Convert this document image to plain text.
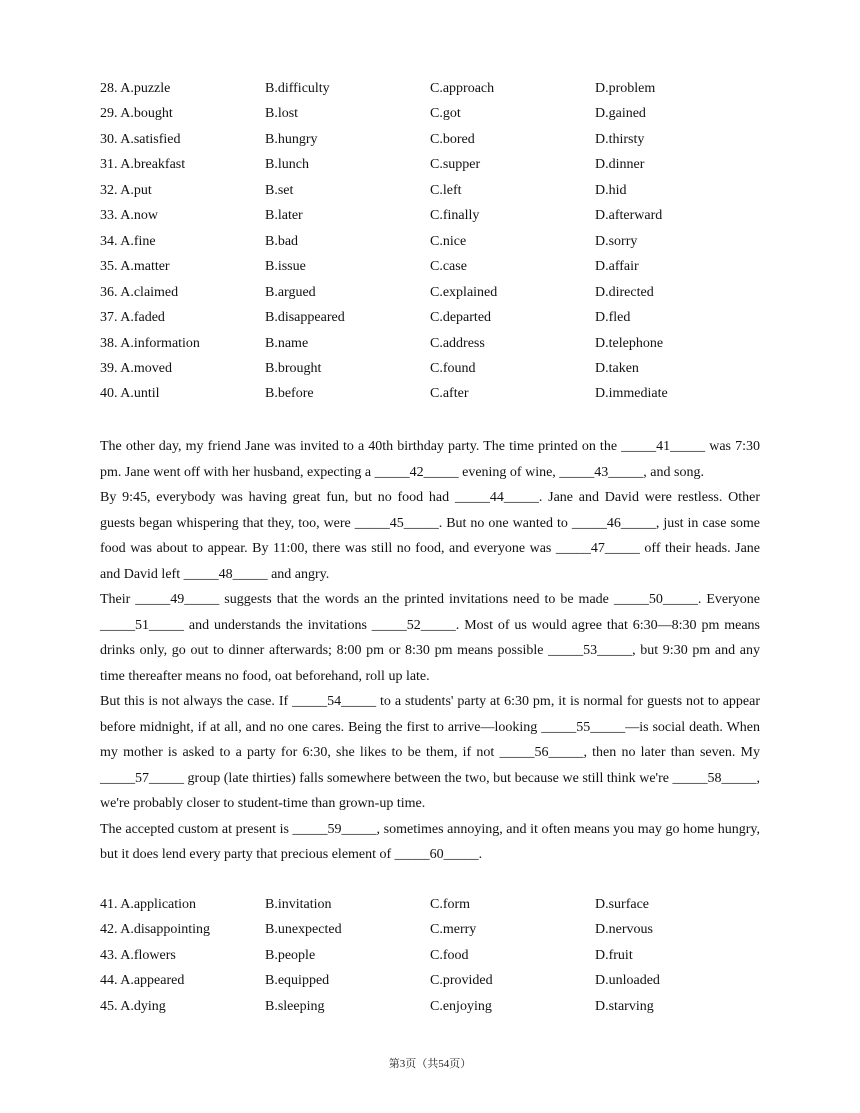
28. A.puzzle	B.difficulty	C.approach	D.problem
29. A.bought	B.lost	C.got	D.gained
30. A.satisfied	B.hungry	C.bored	D.thirsty
31. A.breakfast	B.lunch	C.supper	D.dinner
32. A.put	B.set	C.left	D.hid
33. A.now	B.later	C.finally	D.afterward
34. A.fine	B.bad	C.nice	D.sorry
35. A.matter	B.issue	C.case	D.affair
36. A.claimed	B.argued	C.explained	D.directed
37. A.faded	B.disappeared	C.departed	D.fled
38. A.information	B.name	C.address	D.telephone
39. A.moved	B.brought	C.found	D.taken
40. A.until	B.before	C.after	D.immediate

The other day, my friend Jane was invited to a 40th birthday party. The time printed on the _____41_____ was 7:30 pm. Jane went off with her husband, expecting a _____42_____ evening of wine, _____43_____, and song.

By 9:45, everybody was having great fun, but no food had _____44_____. Jane and David were restless. Other guests began whispering that they, too, were _____45_____. But no one wanted to _____46_____, just in case some food was about to appear. By 11:00, there was still no food, and everyone was _____47_____ off their heads. Jane and David left _____48_____ and angry.

Their _____49_____ suggests that the words an the printed invitations need to be made _____50_____. Everyone _____51_____ and understands the invitations _____52_____. Most of us would agree that 6:30—8:30 pm means drinks only, go out to dinner afterwards; 8:00 pm or 8:30 pm means possible _____53_____, but 9:30 pm and any time thereafter means no food, oat beforehand, roll up late.

But this is not always the case. If _____54_____ to a students' party at 6:30 pm, it is normal for guests not to appear before midnight, if at all, and no one cares. Being the first to arrive—looking _____55_____—is social death. When my mother is asked to a party for 6:30, she likes to be them, if not _____56_____, then no later than seven. My _____57_____ group (late thirties) falls somewhere between the two, but because we still think we're _____58_____, we're probably closer to student-time than grown-up time.

The accepted custom at present is _____59_____, sometimes annoying, and it often means you may go home hungry, but it does lend every party that precious element of _____60_____.

41. A.application	B.invitation	C.form	D.surface
42. A.disappointing	B.unexpected	C.merry	D.nervous
43. A.flowers	B.people	C.food	D.fruit
44. A.appeared	B.equipped	C.provided	D.unloaded
45. A.dying	B.sleeping	C.enjoying	D.starving
第3页（共54页）
